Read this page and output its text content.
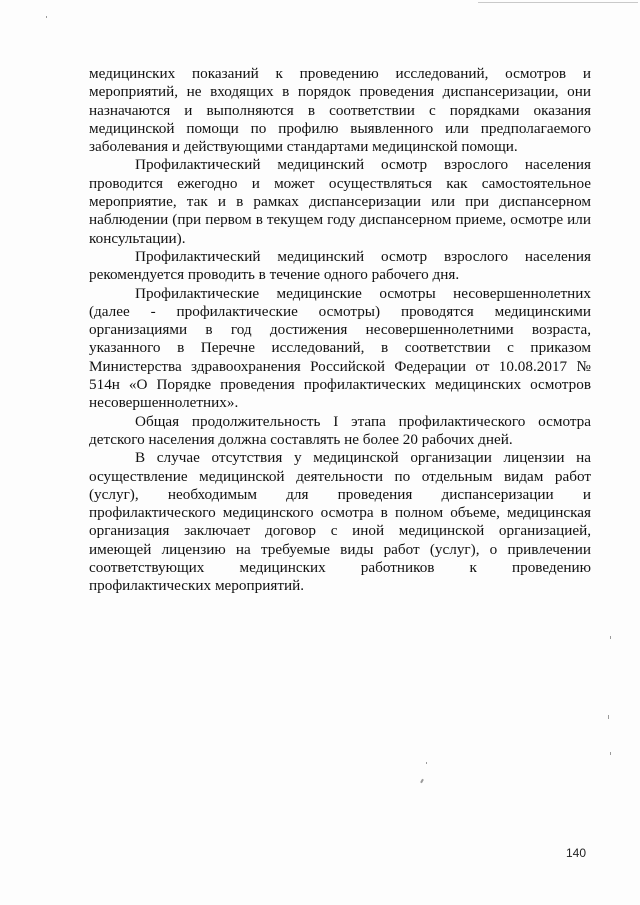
медицинских показаний к проведению исследований, осмотров и мероприятий, не входящих в порядок проведения диспансеризации, они назначаются и выполняются в соответствии с порядками оказания медицинской помощи по профилю выявленного или предполагаемого заболевания и действующими стандартами медицинской помощи.

Профилактический медицинский осмотр взрослого населения проводится ежегодно и может осуществляться как самостоятельное мероприятие, так и в рамках диспансеризации или при диспансерном наблюдении (при первом в текущем году диспансерном приеме, осмотре или консультации).

Профилактический медицинский осмотр взрослого населения рекомендуется проводить в течение одного рабочего дня.

Профилактические медицинские осмотры несовершеннолетних (далее - профилактические осмотры) проводятся медицинскими организациями в год достижения несовершеннолетними возраста, указанного в Перечне исследований, в соответствии с приказом Министерства здравоохранения Российской Федерации от 10.08.2017 № 514н «О Порядке проведения профилактических медицинских осмотров несовершеннолетних».

Общая продолжительность I этапа профилактического осмотра детского населения должна составлять не более 20 рабочих дней.

В случае отсутствия у медицинской организации лицензии на осуществление медицинской деятельности по отдельным видам работ (услуг), необходимым для проведения диспансеризации и профилактического медицинского осмотра в полном объеме, медицинская организация заключает договор с иной медицинской организацией, имеющей лицензию на требуемые виды работ (услуг), о привлечении соответствующих медицинских работников к проведению профилактических мероприятий.

140
